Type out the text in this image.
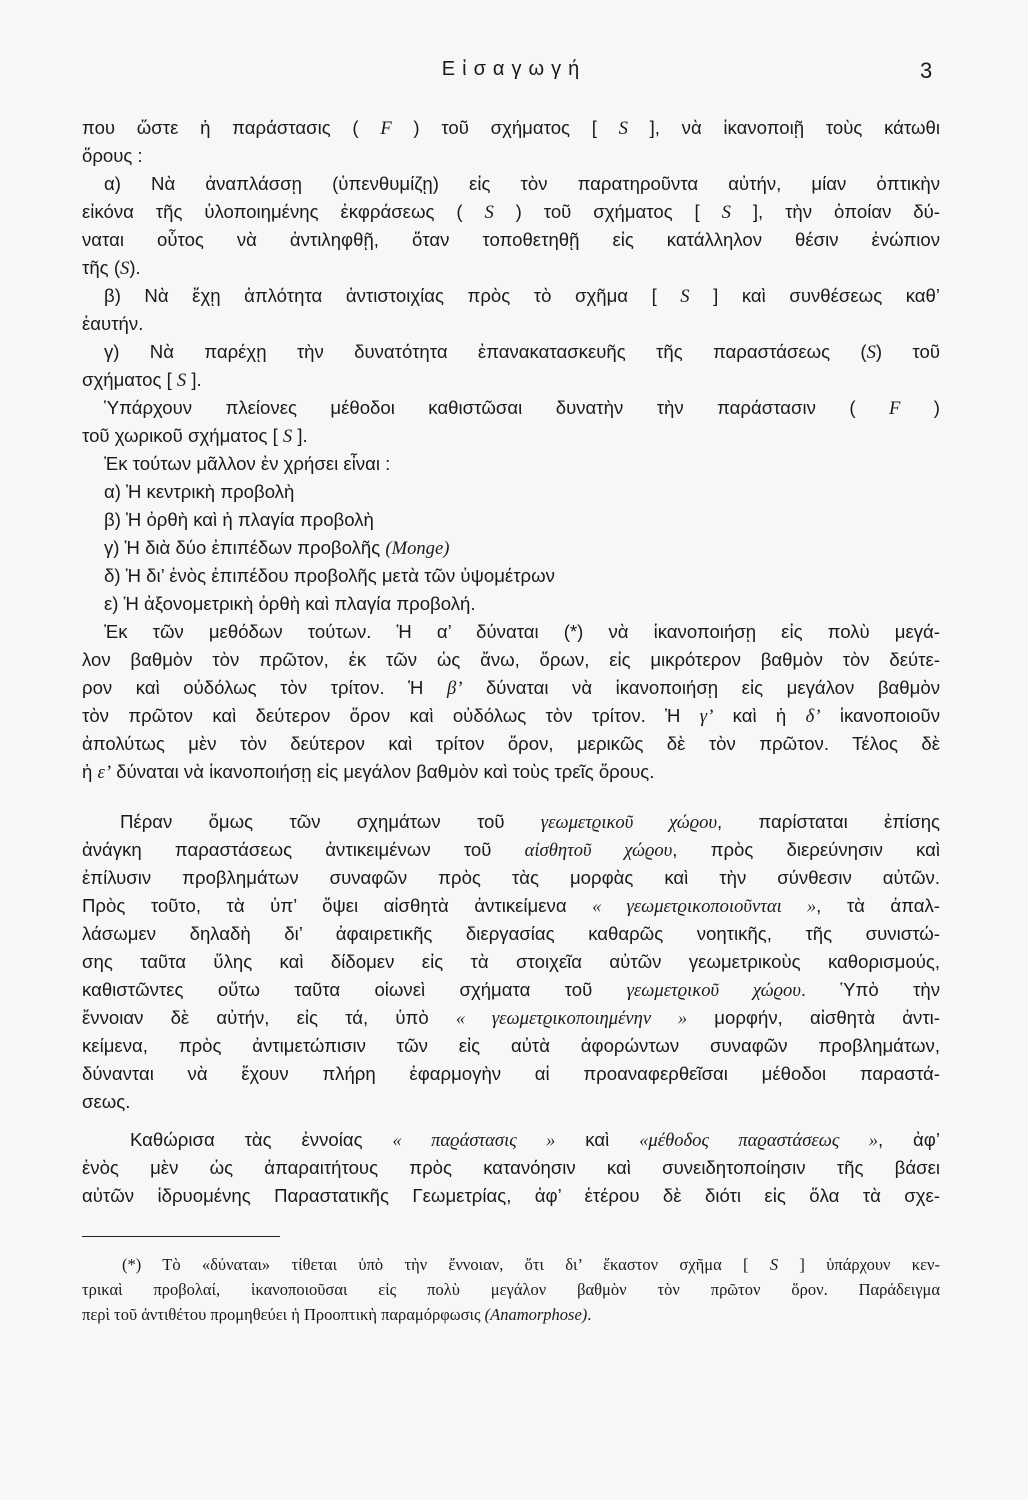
Εἰσαγωγή	3
που ὥστε ἡ παράστασις ( F ) τοῦ σχήματος [ S ], νὰ ἱκανοποιῇ τοὺς κάτωθι
ὅρους :
α) Νὰ ἀναπλάσσῃ (ὑπενθυμίζῃ) εἰς τὸν παρατηροῦντα αὐτήν, μίαν ὀπτικὴν
εἰκόνα τῆς ὑλοποιημένης ἐκφράσεως ( S ) τοῦ σχήματος [ S ], τὴν ὁποίαν δύ-
ναται οὗτος νὰ ἀντιληφθῇ, ὅταν τοποθετηθῇ εἰς κατάλληλον θέσιν ἐνώπιον
τῆς (S).
β) Νὰ ἔχῃ ἁπλότητα ἀντιστοιχίας πρὸς τὸ σχῆμα [ S ] καὶ συνθέσεως καθ’
ἑαυτήν.
γ) Νὰ παρέχῃ τὴν δυνατότητα ἐπανακατασκευῆς τῆς παραστάσεως (S) τοῦ
σχήματος [ S ].
Ὑπάρχουν πλείονες μέθοδοι καθιστῶσαι δυνατὴν τὴν παράστασιν ( F )
τοῦ χωρικοῦ σχήματος [ S ].
Ἐκ τούτων μᾶλλον ἐν χρήσει εἶναι :
α) Ἡ κεντρικὴ προβολὴ
β) Ἡ ὀρθὴ καὶ ἡ πλαγία προβολὴ
γ) Ἡ διὰ δύο ἐπιπέδων προβολῆς (Monge)
δ) Ἡ δι’ ἑνὸς ἐπιπέδου προβολῆς μετὰ τῶν ὑψομέτρων
ε) Ἡ ἀξονομετρικὴ ὀρθὴ καὶ πλαγία προβολή.
Ἐκ τῶν μεθόδων τούτων. Ἡ α’ δύναται (*) νὰ ἱκανοποιήσῃ εἰς πολὺ μεγά-
λον βαθμὸν τὸν πρῶτον, ἐκ τῶν ὡς ἄνω, ὅρων, εἰς μικρότερον βαθμὸν τὸν δεύτε-
ρον καὶ οὐδόλως τὸν τρίτον. Ἡ β’ δύναται νὰ ἱκανοποιήσῃ εἰς μεγάλον βαθμὸν
τὸν πρῶτον καὶ δεύτερον ὅρον καὶ οὐδόλως τὸν τρίτον. Ἡ γ’ καὶ ἡ δ’ ἱκανοποιοῦν
ἀπολύτως μὲν τὸν δεύτερον καὶ τρίτον ὅρον, μερικῶς δὲ τὸν πρῶτον. Τέλος δὲ
ἡ ε’ δύναται νὰ ἱκανοποιήσῃ εἰς μεγάλον βαθμὸν καὶ τοὺς τρεῖς ὅρους.
Πέραν ὅμως τῶν σχημάτων τοῦ γεωμετϱικοῦ χώϱου, παρίσταται ἐπίσης
ἀνάγκη παραστάσεως ἀντικειμένων τοῦ αἰσθητοῦ χώϱου, πρὸς διερεύνησιν καὶ
ἐπίλυσιν προβλημάτων συναφῶν πρὸς τὰς μορφὰς καὶ τὴν σύνθεσιν αὐτῶν.
Πρὸς τοῦτο, τὰ ὑπ’ ὄψει αἰσθητὰ ἀντικείμενα « γεωμετϱικοποιοῦνται », τὰ ἀπαλ-
λάσωμεν δηλαδὴ δι’ ἀφαιρετικῆς διεργασίας καθαρῶς νοητικῆς, τῆς συνιστώ-
σης ταῦτα ὕλης καὶ δίδομεν εἰς τὰ στοιχεῖα αὐτῶν γεωμετρικοὺς καθορισμούς,
καθιστῶντες οὕτω ταῦτα οἱωνεὶ σχήματα τοῦ γεωμετϱικοῦ χώϱου. Ὑπὸ τὴν
ἔννοιαν δὲ αὐτήν, εἰς τά, ὑπὸ « γεωμετϱικοποιημένην » μορφήν, αἰσθητὰ ἀντι-
κείμενα, πρὸς ἀντιμετώπισιν τῶν εἰς αὐτὰ ἀφορώντων συναφῶν προβλημάτων,
δύνανται νὰ ἔχουν πλήρη ἐφαρμογὴν αἱ προαναφερθεῖσαι μέθοδοι παραστά-
σεως.
Καθώρισα τὰς ἐννοίας « παϱάστασις » καὶ «μέθοδος παϱαστάσεως », ἀφ’
ἑνὸς μὲν ὡς ἀπαραιτήτους πρὸς κατανόησιν καὶ συνειδητοποίησιν τῆς βάσει
αὐτῶν ἱδρυομένης Παραστατικῆς Γεωμετρίας, ἀφ’ ἑτέρου δὲ διότι εἰς ὅλα τὰ σχε-
(*) Τὸ «δύναται» τίθεται ὑπὸ τὴν ἔννοιαν, ὅτι δι’ ἕκαστον σχῆμα [ S ] ὑπάρχουν κεν-
τρικαὶ προβολαί, ἱκανοποιοῦσαι εἰς πολὺ μεγάλον βαθμὸν τὸν πρῶτον ὅρον. Παράδειγμα
περὶ τοῦ ἀντιθέτου προμηθεύει ἡ Προοπτικὴ παραμόρφωσις (Anamorphose).
